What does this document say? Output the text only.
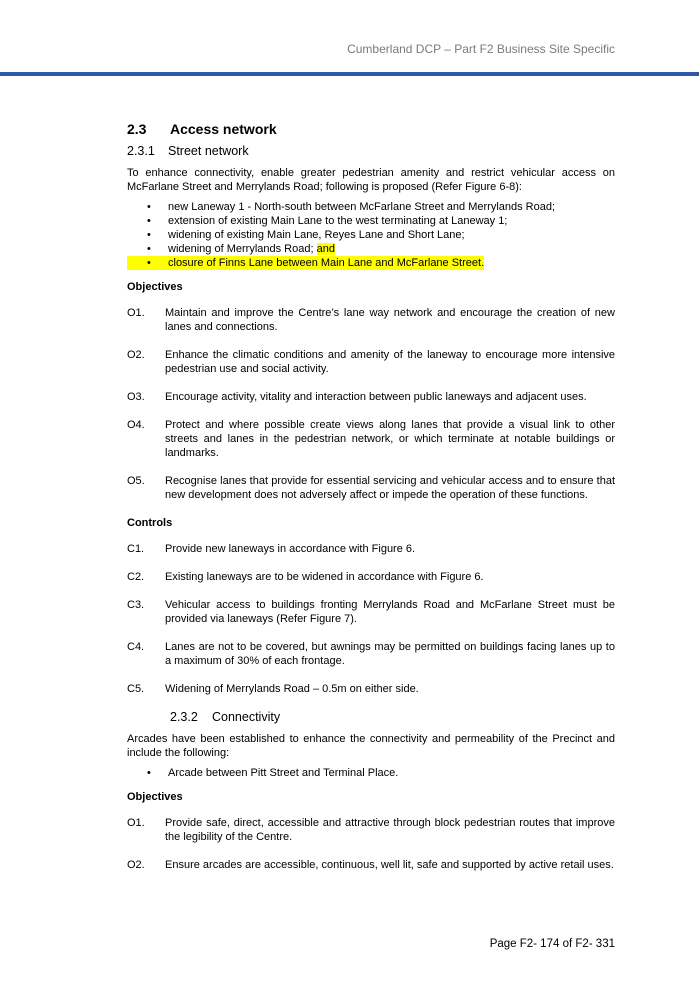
Cumberland DCP – Part F2 Business Site Specific
2.3	Access network
2.3.1	Street network

To enhance connectivity, enable greater pedestrian amenity and restrict vehicular access on McFarlane Street and Merrylands Road; following is proposed (Refer Figure 6-8):

•	new Laneway 1 - North-south between McFarlane Street and Merrylands Road;
•	extension of existing Main Lane to the west terminating at Laneway 1;
•	widening of existing Main Lane, Reyes Lane and Short Lane;
•	widening of Merrylands Road; and
•	closure of Finns Lane between Main Lane and McFarlane Street.
Objectives
O1.	Maintain and improve the Centre’s lane way network and encourage the creation of new lanes and connections.
O2.	Enhance the climatic conditions and amenity of the laneway to encourage more intensive pedestrian use and social activity.
O3.	Encourage activity, vitality and interaction between public laneways and adjacent uses.
O4.	Protect and where possible create views along lanes that provide a visual link to other streets and lanes in the pedestrian network, or which terminate at notable buildings or landmarks.
O5.	Recognise lanes that provide for essential servicing and vehicular access and to ensure that new development does not adversely affect or impede the operation of these functions.
Controls
C1.	Provide new laneways in accordance with Figure 6.
C2.	Existing laneways are to be widened in accordance with Figure 6.
C3.	Vehicular access to buildings fronting Merrylands Road and McFarlane Street must be provided via laneways (Refer Figure 7).
C4.	Lanes are not to be covered, but awnings may be permitted on buildings facing lanes up to a maximum of 30% of each frontage.
C5.	Widening of Merrylands Road – 0.5m on either side.
2.3.2	Connectivity

Arcades have been established to enhance the connectivity and permeability of the Precinct and include the following:

•	Arcade between Pitt Street and Terminal Place.
Objectives
O1.	Provide safe, direct, accessible and attractive through block pedestrian routes that improve the legibility of the Centre.
O2.	Ensure arcades are accessible, continuous, well lit, safe and supported by active retail uses.
Page F2- 174 of F2- 331
